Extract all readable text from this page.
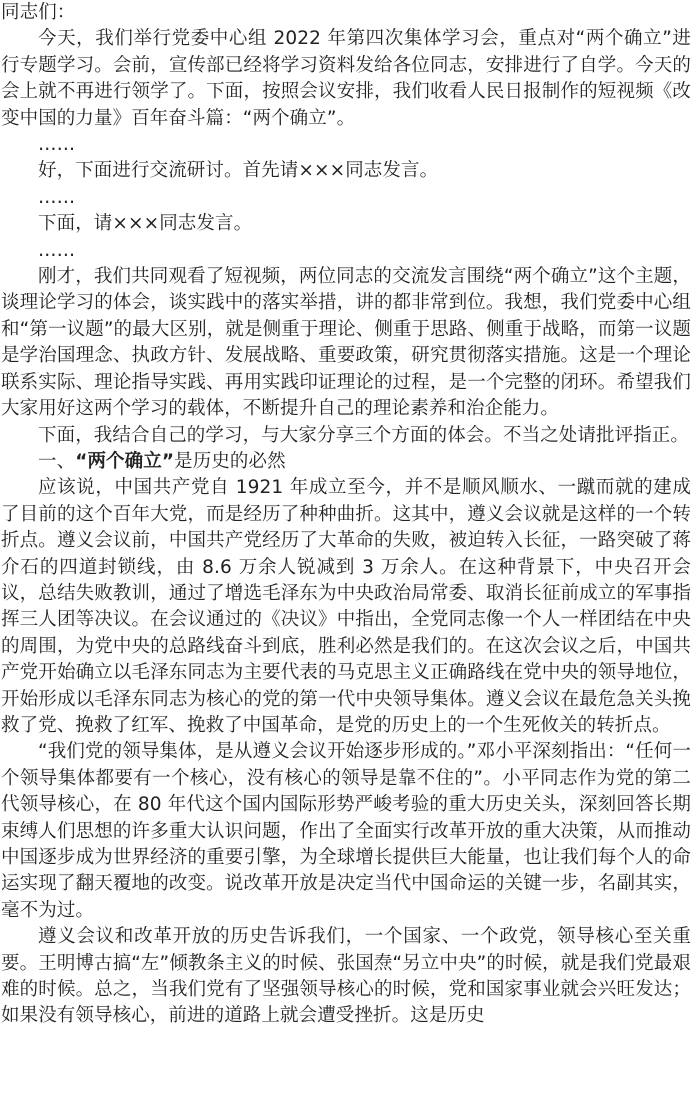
同志们：

今天，我们举行党委中心组 2022 年第四次集体学习会，重点对“两个确立”进行专题学习。会前，宣传部已经将学习资料发给各位同志，安排进行了自学。今天的会上就不再进行领学了。下面，按照会议安排，我们收看人民日报制作的短视频《改变中国的力量》百年奋斗篇：“两个确立”。

……

好，下面进行交流研讨。首先请×××同志发言。

……

下面，请×××同志发言。

……

刚才，我们共同观看了短视频，两位同志的交流发言围绕“两个确立”这个主题，谈理论学习的体会，谈实践中的落实举措，讲的都非常到位。我想，我们党委中心组和“第一议题”的最大区别，就是侧重于理论、侧重于思路、侧重于战略，而第一议题是学治国理念、执政方针、发展战略、重要政策，研究贯彻落实措施。这是一个理论联系实际、理论指导实践、再用实践印证理论的过程，是一个完整的闭环。希望我们大家用好这两个学习的载体，不断提升自己的理论素养和治企能力。

下面，我结合自己的学习，与大家分享三个方面的体会。不当之处请批评指正。

一、“两个确立”是历史的必然

应该说，中国共产党自 1921 年成立至今，并不是顺风顺水、一蹴而就的建成了目前的这个百年大党，而是经历了种种曲折。这其中，遵义会议就是这样的一个转折点。遵义会议前，中国共产党经历了大革命的失败，被迫转入长征，一路突破了蒋介石的四道封锁线，由 8.6 万余人锐减到 3 万余人。在这种背景下，中央召开会议，总结失败教训，通过了增选毛泽东为中央政治局常委、取消长征前成立的军事指挥三人团等决议。在会议通过的《决议》中指出，全党同志像一个人一样团结在中央的周围，为党中央的总路线奋斗到底，胜利必然是我们的。在这次会议之后，中国共产党开始确立以毛泽东同志为主要代表的马克思主义正确路线在党中央的领导地位，开始形成以毛泽东同志为核心的党的第一代中央领导集体。遵义会议在最危急关头挽救了党、挽救了红军、挽救了中国革命，是党的历史上的一个生死攸关的转折点。

“我们党的领导集体，是从遵义会议开始逐步形成的。”邓小平深刻指出：“任何一个领导集体都要有一个核心，没有核心的领导是靠不住的”。小平同志作为党的第二代领导核心，在 80 年代这个国内国际形势严峻考验的重大历史关头，深刻回答长期束缚人们思想的许多重大认识问题，作出了全面实行改革开放的重大决策，从而推动中国逐步成为世界经济的重要引擎，为全球增长提供巨大能量，也让我们每个人的命运实现了翻天覆地的改变。说改革开放是决定当代中国命运的关键一步，名副其实，毫不为过。

遵义会议和改革开放的历史告诉我们，一个国家、一个政党，领导核心至关重要。王明博古搞“左”倾教条主义的时候、张国焘“另立中央”的时候，就是我们党最艰难的时候。总之，当我们党有了坚强领导核心的时候，党和国家事业就会兴旺发达；如果没有领导核心，前进的道路上就会遭受挫折。这是历史
